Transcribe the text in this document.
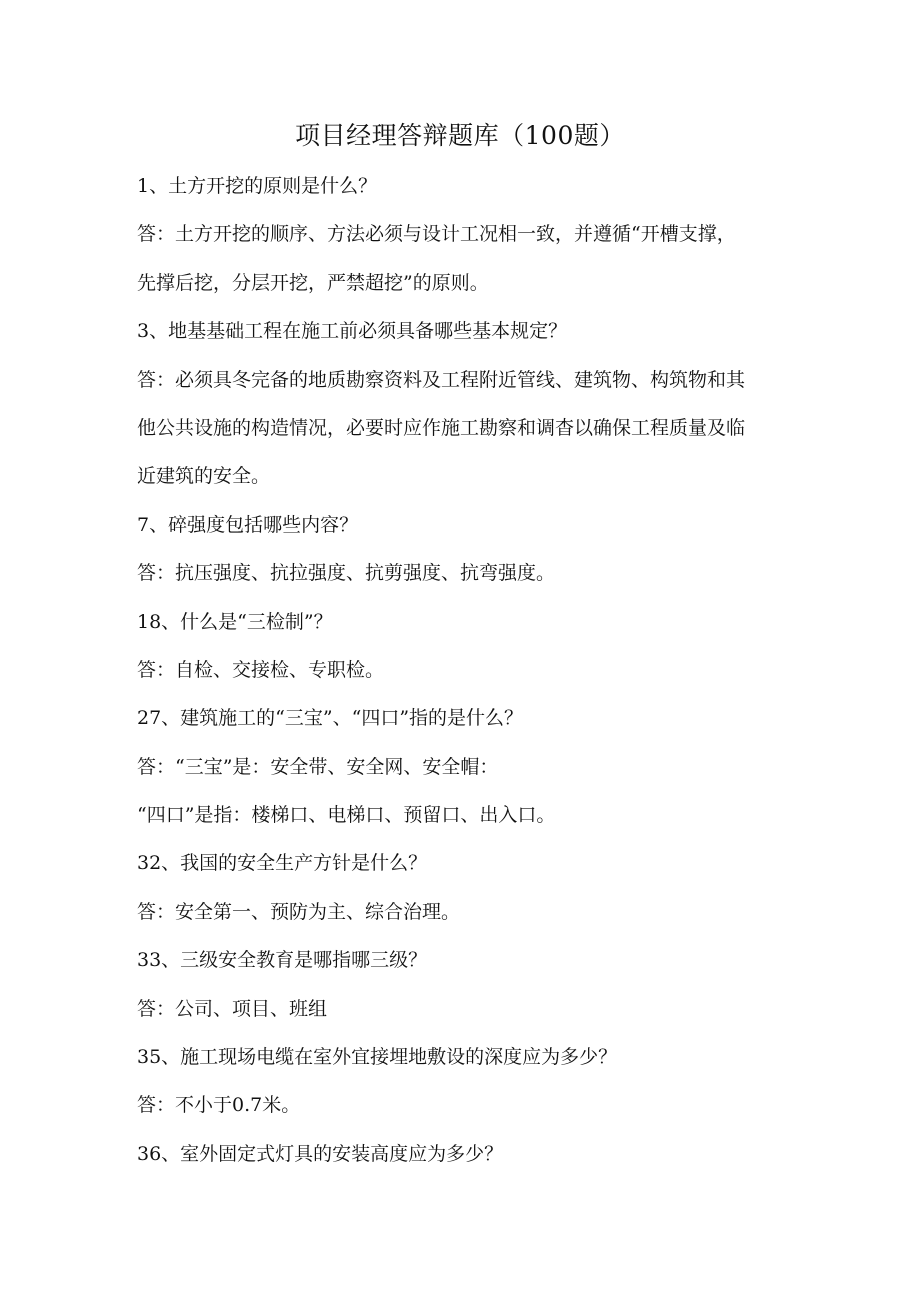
项目经理答辩题库（100题）
1、土方开挖的原则是什么？
答：土方开挖的顺序、方法必须与设计工况相一致，并遵循“开槽支撑，
先撑后挖，分层开挖，严禁超挖”的原则。
3、地基基础工程在施工前必须具备哪些基本规定？
答：必须具冬完备的地质勘察资料及工程附近管线、建筑物、构筑物和其
他公共设施的构造情况，必要时应作施工勘察和调杳以确保工程质量及临
近建筑的安全。
7、碎强度包括哪些内容？
答：抗压强度、抗拉强度、抗剪强度、抗弯强度。
18、什么是“三检制”？
答：自检、交接检、专职检。
27、建筑施工的“三宝”、“四口”指的是什么？
答：“三宝”是：安全带、安全网、安全帽：
“四口”是指：楼梯口、电梯口、预留口、出入口。
32、我国的安全生产方针是什么？
答：安全第一、预防为主、综合治理。
33、三级安全教育是哪指哪三级？
答：公司、项目、班组
35、施工现场电缆在室外宜接埋地敷设的深度应为多少？
答：不小于0.7米。
36、室外固定式灯具的安装高度应为多少？
